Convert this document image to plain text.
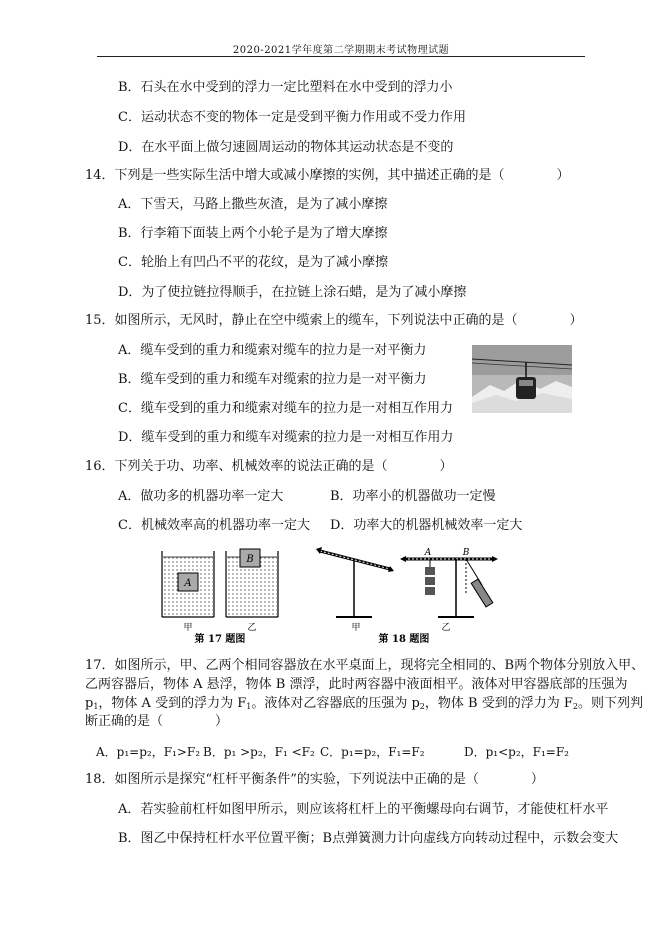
2020-2021学年度第二学期期末考试物理试题
B．石头在水中受到的浮力一定比塑料在水中受到的浮力小
C．运动状态不变的物体一定是受到平衡力作用或不受力作用
D．在水平面上做匀速圆周运动的物体其运动状态是不变的
14．下列是一些实际生活中增大或减小摩擦的实例，其中描述正确的是（　　　　）
A．下雪天，马路上撒些灰渣，是为了减小摩擦
B．行李箱下面装上两个小轮子是为了增大摩擦
C．轮胎上有凹凸不平的花纹，是为了减小摩擦
D．为了使拉链拉得顺手，在拉链上涂石蜡，是为了减小摩擦
15．如图所示，无风时，静止在空中缆索上的缆车，下列说法中正确的是（　　　　）
A．缆车受到的重力和缆索对缆车的拉力是一对平衡力
B．缆车受到的重力和缆车对缆索的拉力是一对平衡力
C．缆车受到的重力和缆索对缆车的拉力是一对相互作用力
D．缆车受到的重力和缆车对缆索的拉力是一对相互作用力
16．下列关于功、功率、机械效率的说法正确的是（　　　　）
A．做功多的机器功率一定大	B．功率小的机器做功一定慢
C．机械效率高的机器功率一定大 D．功率大的机器机械效率一定大
A
B
甲	乙
第 17 题图
甲
A	B
乙
第 18 题图
17．如图所示，甲、乙两个相同容器放在水平桌面上，现将完全相同的、B两个物体分别放入甲、
乙两容器后，物体 A 悬浮，物体 B 漂浮，此时两容器中液面相平。液体对甲容器底部的压强为
$p_1$，物体 A 受到的浮力为 $F_1$。液体对乙容器底的压强为 $p_2$，物体 B 受到的浮力为 $F_2$。则下列判
断正确的是（　　　　）
A．p₁=p₂，F₁>F₂ B．p₁ >p₂，F₁ <F₂ C．p₁=p₂，F₁=F₂	D．p₁<p₂，F₁=F₂
18．如图所示是探究“杠杆平衡条件”的实验，下列说法中正确的是（　　　　）
A．若实验前杠杆如图甲所示，则应该将杠杆上的平衡螺母向右调节，才能使杠杆水平
B．图乙中保持杠杆水平位置平衡；B点弹簧测力计向虚线方向转动过程中，示数会变大
